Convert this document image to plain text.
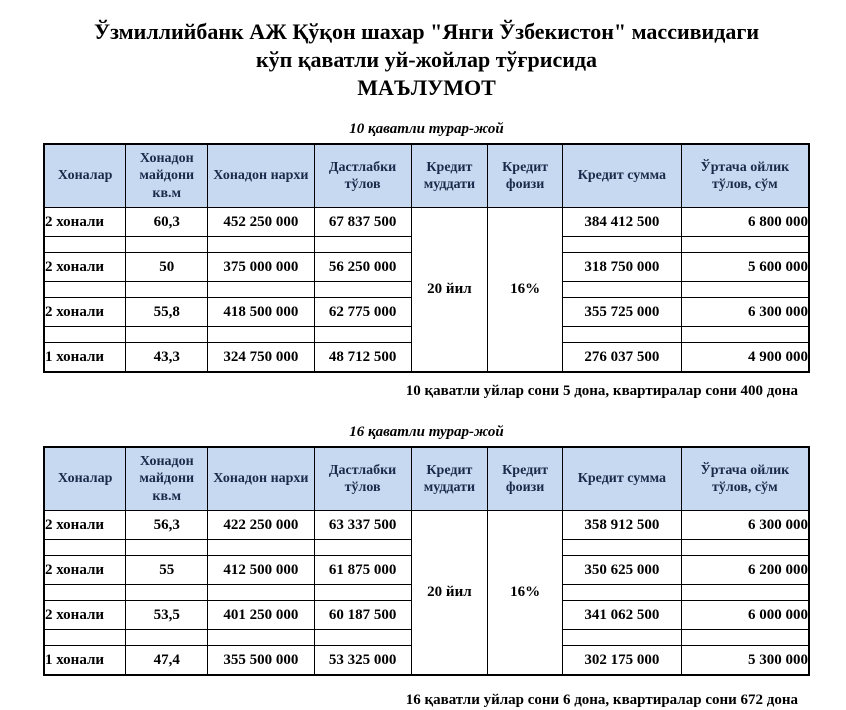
Ўзмиллийбанк АЖ Қўқон шахар "Янги Ўзбекистон" массивидаги
кўп қаватли уй-жойлар тўғрисида
МАЪЛУМОТ
10 қаватли турар-жой
Хоналар	Хонадон майдони кв.м	Хонадон нархи	Дастлабки тўлов	Кредит муддати	Кредит фоизи	Кредит сумма	Ўртача ойлик тўлов, сўм
2 хонали	60,3	452 250 000	67 837 500	20 йил	16%	384 412 500	6 800 000

2 хонали	50	375 000 000	56 250 000			318 750 000	5 600 000

2 хонали	55,8	418 500 000	62 775 000			355 725 000	6 300 000

1 хонали	43,3	324 750 000	48 712 500			276 037 500	4 900 000
10 қаватли уйлар сони 5 дона, квартиралар сони 400 дона
16 қаватли турар-жой
Хоналар	Хонадон майдони кв.м	Хонадон нархи	Дастлабки тўлов	Кредит муддати	Кредит фоизи	Кредит сумма	Ўртача ойлик тўлов, сўм
2 хонали	56,3	422 250 000	63 337 500	20 йил	16%	358 912 500	6 300 000

2 хонали	55	412 500 000	61 875 000			350 625 000	6 200 000

2 хонали	53,5	401 250 000	60 187 500			341 062 500	6 000 000

1 хонали	47,4	355 500 000	53 325 000			302 175 000	5 300 000
16 қаватли уйлар сони 6 дона, квартиралар сони 672 дона
